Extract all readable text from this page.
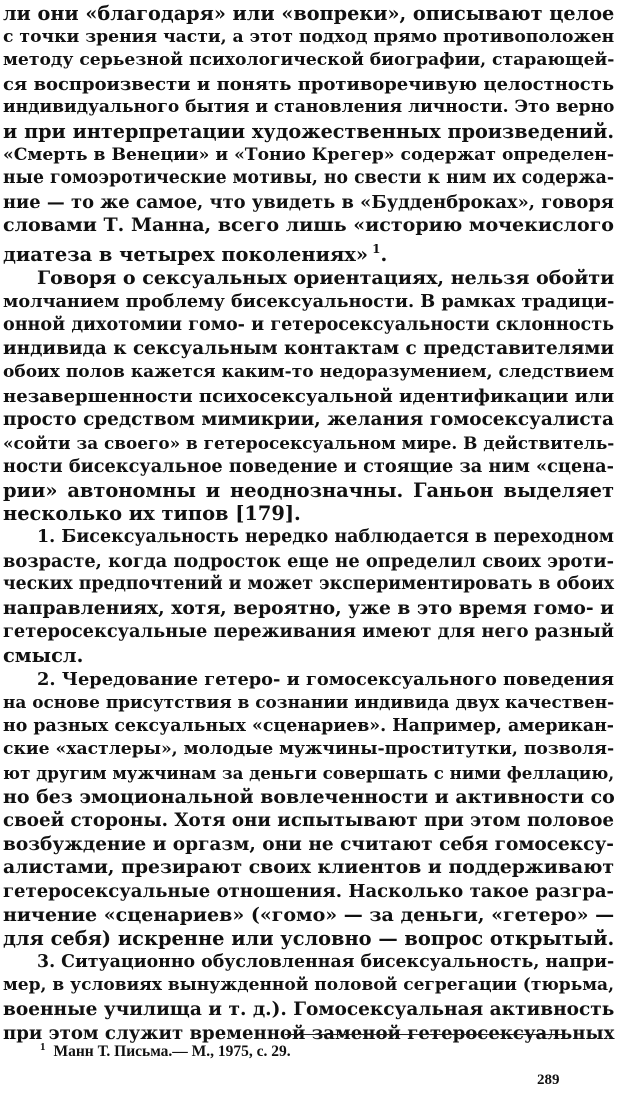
ли они «благодаря» или «вопреки», описывают целое
с точки зрения части, а этот подход прямо противоположен
методу серьезной психологической биографии, старающей-
ся воспроизвести и понять противоречивую целостность
индивидуального бытия и становления личности. Это верно
и при интерпретации художественных произведений.
«Смерть в Венеции» и «Тонио Крегер» содержат определен-
ные гомоэротические мотивы, но свести к ним их содержа-
ние — то же самое, что увидеть в «Будденброках», говоря
словами Т. Манна, всего лишь «историю мочекислого
диатеза в четырех поколениях» $^1$.
Говоря о сексуальных ориентациях, нельзя обойти
молчанием проблему бисексуальности. В рамках традици-
онной дихотомии гомо- и гетеросексуальности склонность
индивида к сексуальным контактам с представителями
обоих полов кажется каким-то недоразумением, следствием
незавершенности психосексуальной идентификации или
просто средством мимикрии, желания гомосексуалиста
«сойти за своего» в гетеросексуальном мире. В действитель-
ности бисексуальное поведение и стоящие за ним «сцена-
рии» автономны и неоднозначны. Ганьон выделяет
несколько их типов [179].
1. Бисексуальность нередко наблюдается в переходном
возрасте, когда подросток еще не определил своих эроти-
ческих предпочтений и может экспериментировать в обоих
направлениях, хотя, вероятно, уже в это время гомо- и
гетеросексуальные переживания имеют для него разный
смысл.
2. Чередование гетеро- и гомосексуального поведения
на основе присутствия в сознании индивида двух качествен-
но разных сексуальных «сценариев». Например, американ-
ские «хастлеры», молодые мужчины-проститутки, позволя-
ют другим мужчинам за деньги совершать с ними феллацию,
но без эмоциональной вовлеченности и активности со
своей стороны. Хотя они испытывают при этом половое
возбуждение и оргазм, они не считают себя гомосексу-
алистами, презирают своих клиентов и поддерживают
гетеросексуальные отношения. Насколько такое разгра-
ничение «сценариев» («гомо» — за деньги, «гетеро» —
для себя) искренне или условно — вопрос открытый.
3. Ситуационно обусловленная бисексуальность, напри-
мер, в условиях вынужденной половой сегрегации (тюрьма,
военные училища и т. д.). Гомосексуальная активность
при этом служит временной заменой гетеросексуальных
$^1$ Манн Т. Письма.— М., 1975, с. 29.
289
